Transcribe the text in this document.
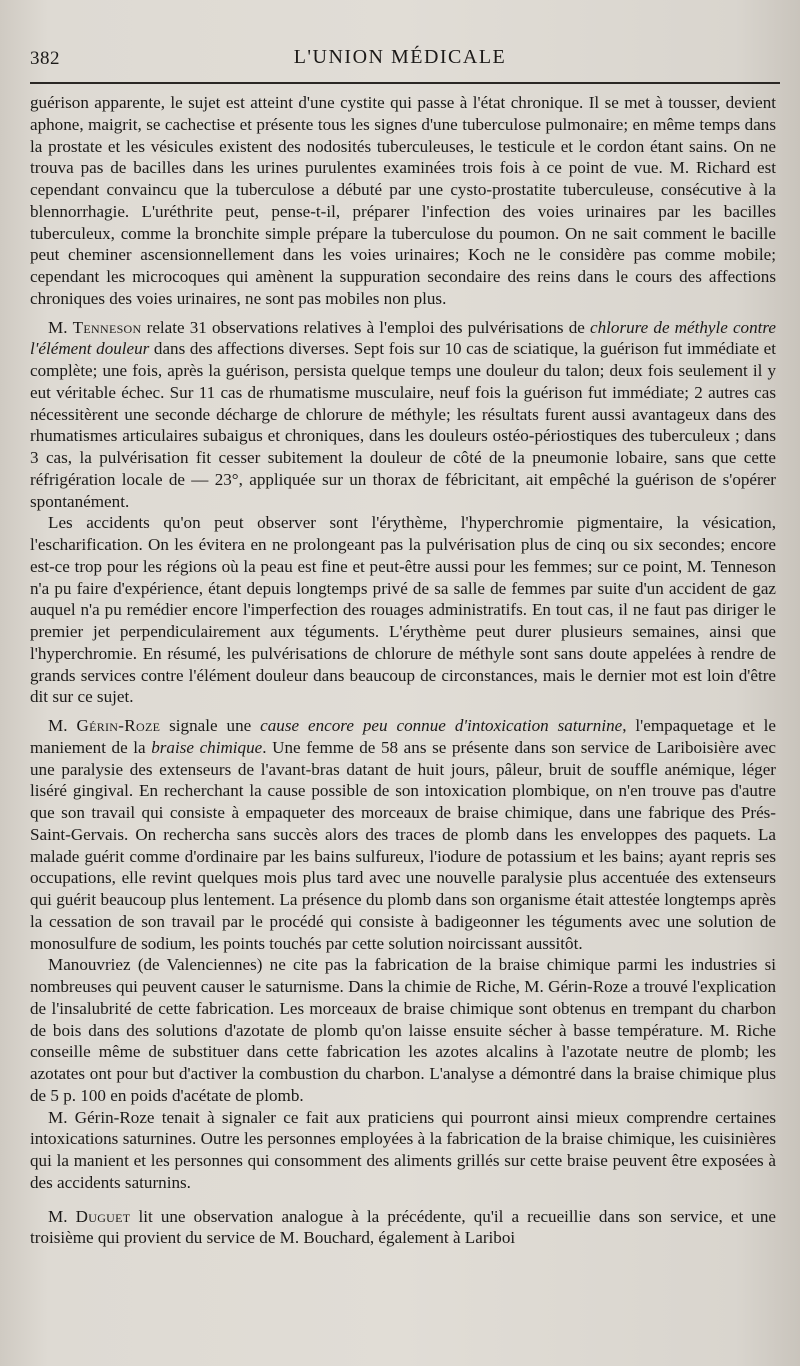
382	L'UNION MÉDICALE

guérison apparente, le sujet est atteint d'une cystite qui passe à l'état chronique. Il se met à tousser, devient aphone, maigrit, se cachectise et présente tous les signes d'une tuberculose pulmonaire; en même temps dans la prostate et les vésicules existent des nodosités tuberculeuses, le testicule et le cordon étant sains. On ne trouva pas de bacilles dans les urines purulentes examinées trois fois à ce point de vue. M. Richard est cependant convaincu que la tuberculose a débuté par une cysto-prostatite tuberculeuse, consécutive à la blennorrhagie. L'uréthrite peut, pense-t-il, préparer l'infection des voies urinaires par les bacilles tuberculeux, comme la bronchite simple prépare la tuberculose du poumon. On ne sait comment le bacille peut cheminer ascensionnellement dans les voies urinaires; Koch ne le considère pas comme mobile; cependant les microcoques qui amènent la suppuration secondaire des reins dans le cours des affections chroniques des voies urinaires, ne sont pas mobiles non plus.

M. Tenneson relate 31 observations relatives à l'emploi des pulvérisations de chlorure de méthyle contre l'élément douleur dans des affections diverses. Sept fois sur 10 cas de sciatique, la guérison fut immédiate et complète; une fois, après la guérison, persista quelque temps une douleur du talon; deux fois seulement il y eut véritable échec. Sur 11 cas de rhumatisme musculaire, neuf fois la guérison fut immédiate; 2 autres cas nécessitèrent une seconde décharge de chlorure de méthyle; les résultats furent aussi avantageux dans des rhumatismes articulaires subaigus et chroniques, dans les douleurs ostéo-périostiques des tuberculeux ; dans 3 cas, la pulvérisation fit cesser subitement la douleur de côté de la pneumonie lobaire, sans que cette réfrigération locale de — 23°, appliquée sur un thorax de fébricitant, ait empêché la guérison de s'opérer spontanément.

Les accidents qu'on peut observer sont l'érythème, l'hyperchromie pigmentaire, la vésication, l'escharification. On les évitera en ne prolongeant pas la pulvérisation plus de cinq ou six secondes; encore est-ce trop pour les régions où la peau est fine et peut-être aussi pour les femmes; sur ce point, M. Tenneson n'a pu faire d'expérience, étant depuis longtemps privé de sa salle de femmes par suite d'un accident de gaz auquel n'a pu remédier encore l'imperfection des rouages administratifs. En tout cas, il ne faut pas diriger le premier jet perpendiculairement aux téguments. L'érythème peut durer plusieurs semaines, ainsi que l'hyperchromie. En résumé, les pulvérisations de chlorure de méthyle sont sans doute appelées à rendre de grands services contre l'élément douleur dans beaucoup de circonstances, mais le dernier mot est loin d'être dit sur ce sujet.

M. Gérin-Roze signale une cause encore peu connue d'intoxication saturnine, l'empaquetage et le maniement de la braise chimique. Une femme de 58 ans se présente dans son service de Lariboisière avec une paralysie des extenseurs de l'avant-bras datant de huit jours, pâleur, bruit de souffle anémique, léger liséré gingival. En recherchant la cause possible de son intoxication plombique, on n'en trouve pas d'autre que son travail qui consiste à empaqueter des morceaux de braise chimique, dans une fabrique des Prés-Saint-Gervais. On rechercha sans succès alors des traces de plomb dans les enveloppes des paquets. La malade guérit comme d'ordinaire par les bains sulfureux, l'iodure de potassium et les bains; ayant repris ses occupations, elle revint quelques mois plus tard avec une nouvelle paralysie plus accentuée des extenseurs qui guérit beaucoup plus lentement. La présence du plomb dans son organisme était attestée longtemps après la cessation de son travail par le procédé qui consiste à badigeonner les téguments avec une solution de monosulfure de sodium, les points touchés par cette solution noircissant aussitôt.

Manouvriez (de Valenciennes) ne cite pas la fabrication de la braise chimique parmi les industries si nombreuses qui peuvent causer le saturnisme. Dans la chimie de Riche, M. Gérin-Roze a trouvé l'explication de l'insalubrité de cette fabrication. Les morceaux de braise chimique sont obtenus en trempant du charbon de bois dans des solutions d'azotate de plomb qu'on laisse ensuite sécher à basse température. M. Riche conseille même de substituer dans cette fabrication les azotes alcalins à l'azotate neutre de plomb; les azotates ont pour but d'activer la combustion du charbon. L'analyse a démontré dans la braise chimique plus de 5 p. 100 en poids d'acétate de plomb.

M. Gérin-Roze tenait à signaler ce fait aux praticiens qui pourront ainsi mieux comprendre certaines intoxications saturnines. Outre les personnes employées à la fabrication de la braise chimique, les cuisinières qui la manient et les personnes qui consomment des aliments grillés sur cette braise peuvent être exposées à des accidents saturnins.

M. Duguet lit une observation analogue à la précédente, qu'il a recueillie dans son service, et une troisième qui provient du service de M. Bouchard, également à Lariboi
